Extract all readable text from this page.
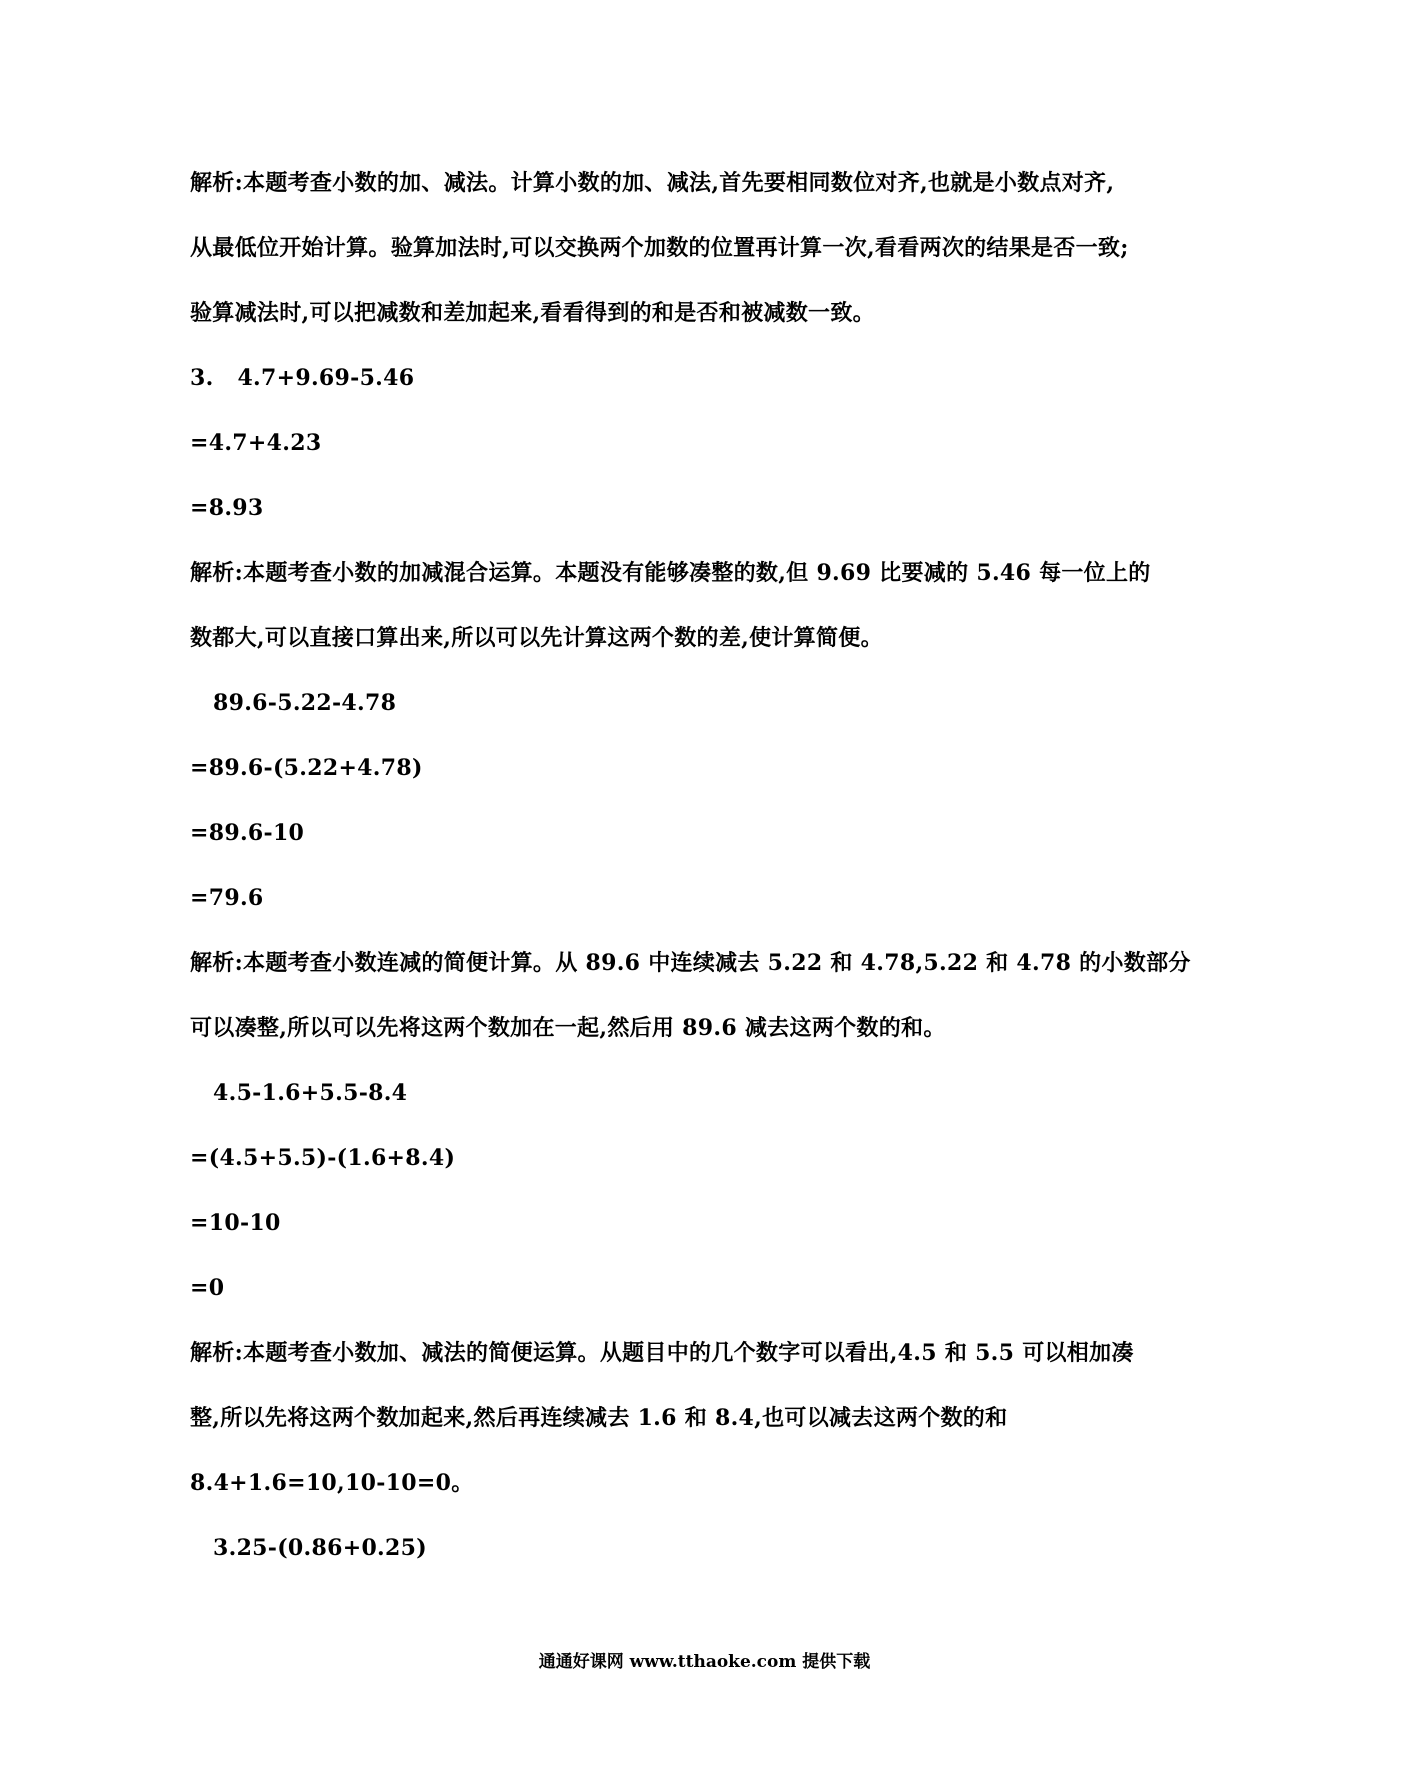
解析:本题考查小数的加、减法。计算小数的加、减法,首先要相同数位对齐,也就是小数点对齐,
从最低位开始计算。验算加法时,可以交换两个加数的位置再计算一次,看看两次的结果是否一致;
验算减法时,可以把减数和差加起来,看看得到的和是否和被减数一致。
3.   4.7+9.69-5.46
=4.7+4.23
=8.93
解析:本题考查小数的加减混合运算。本题没有能够凑整的数,但 9.69 比要减的 5.46 每一位上的
数都大,可以直接口算出来,所以可以先计算这两个数的差,使计算简便。
89.6-5.22-4.78
=89.6-(5.22+4.78)
=89.6-10
=79.6
解析:本题考查小数连减的简便计算。从 89.6 中连续减去 5.22 和 4.78,5.22 和 4.78 的小数部分
可以凑整,所以可以先将这两个数加在一起,然后用 89.6 减去这两个数的和。
4.5-1.6+5.5-8.4
=(4.5+5.5)-(1.6+8.4)
=10-10
=0
解析:本题考查小数加、减法的简便运算。从题目中的几个数字可以看出,4.5 和 5.5 可以相加凑
整,所以先将这两个数加起来,然后再连续减去 1.6 和 8.4,也可以减去这两个数的和
8.4+1.6=10,10-10=0。
3.25-(0.86+0.25)
通通好课网 www.tthaoke.com 提供下载
